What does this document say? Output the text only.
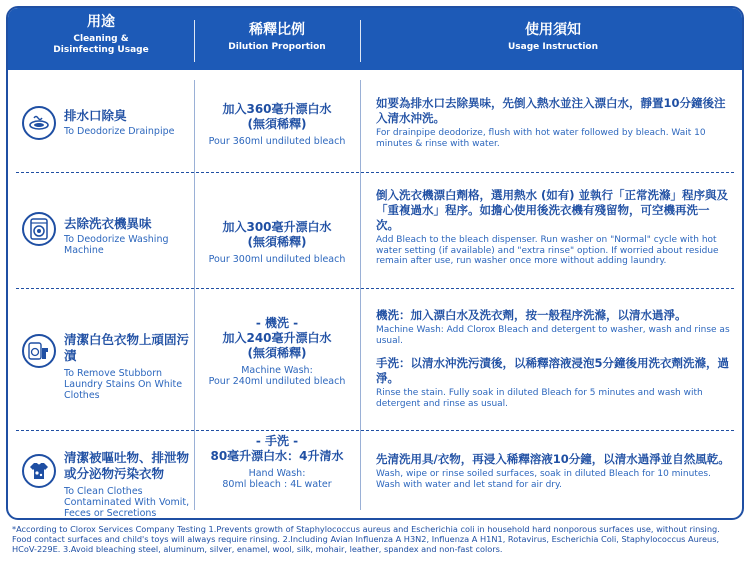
用途
Cleaning & Disinfecting Usage
稀釋比例
Dilution Proportion
使用須知
Usage Instruction
排水口除臭
To Deodorize Drainpipe
加入360毫升漂白水
(無須稀釋)
Pour 360ml undiluted bleach
如要為排水口去除異味，先倒入熱水並注入漂白水，靜置10分鐘後注入清水沖洗。
For drainpipe deodorize, flush with hot water followed by bleach. Wait 10 minutes & rinse with water.
去除洗衣機異味
To Deodorize Washing Machine
加入300毫升漂白水
(無須稀釋)
Pour 300ml undiluted bleach
倒入洗衣機漂白劑格，選用熱水 (如有) 並執行「正常洗滌」程序與及「重複過水」程序。如擔心使用後洗衣機有殘留物，可空機再洗一次。
Add Bleach to the bleach dispenser. Run washer on "Normal" cycle with hot water setting (if available) and "extra rinse" option. If worried about residue remain after use, run washer once more without adding laundry.
清潔白色衣物上頑固污漬
To Remove Stubborn Laundry Stains On White Clothes
- 機洗 -
加入240毫升漂白水
(無須稀釋)
Machine Wash:
Pour 240ml undiluted bleach
機洗：加入漂白水及洗衣劑，按一般程序洗滌，以清水過淨。
Machine Wash: Add Clorox Bleach and detergent to washer, wash and rinse as usual.
手洗：以清水沖洗污漬後，以稀釋溶液浸泡5分鐘後用洗衣劑洗滌，過淨。
Rinse the stain. Fully soak in diluted Bleach for 5 minutes and wash with detergent and rinse as usual.
清潔被嘔吐物、排泄物或分泌物污染衣物
To Clean Clothes Contaminated With Vomit, Feces or Secretions
- 手洗 -
80毫升漂白水：4升清水
Hand Wash:
80ml bleach : 4L water
先清洗用具/衣物，再浸入稀釋溶液10分鐘，以清水過淨並自然風乾。
Wash, wipe or rinse soiled surfaces, soak in diluted Bleach for 10 minutes. Wash with water and let stand for air dry.
*According to Clorox Services Company Testing 1.Prevents growth of Staphylococcus aureus and Escherichia coli in household hard nonporous surfaces use, without rinsing. Food contact surfaces and child's toys will always require rinsing. 2.Including Avian Influenza A H3N2, Influenza A H1N1, Rotavirus, Escherichia Coli, Staphylococcus Aureus, HCoV-229E. 3.Avoid bleaching steel, aluminum, silver, enamel, wool, silk, mohair, leather, spandex and non-fast colors.
